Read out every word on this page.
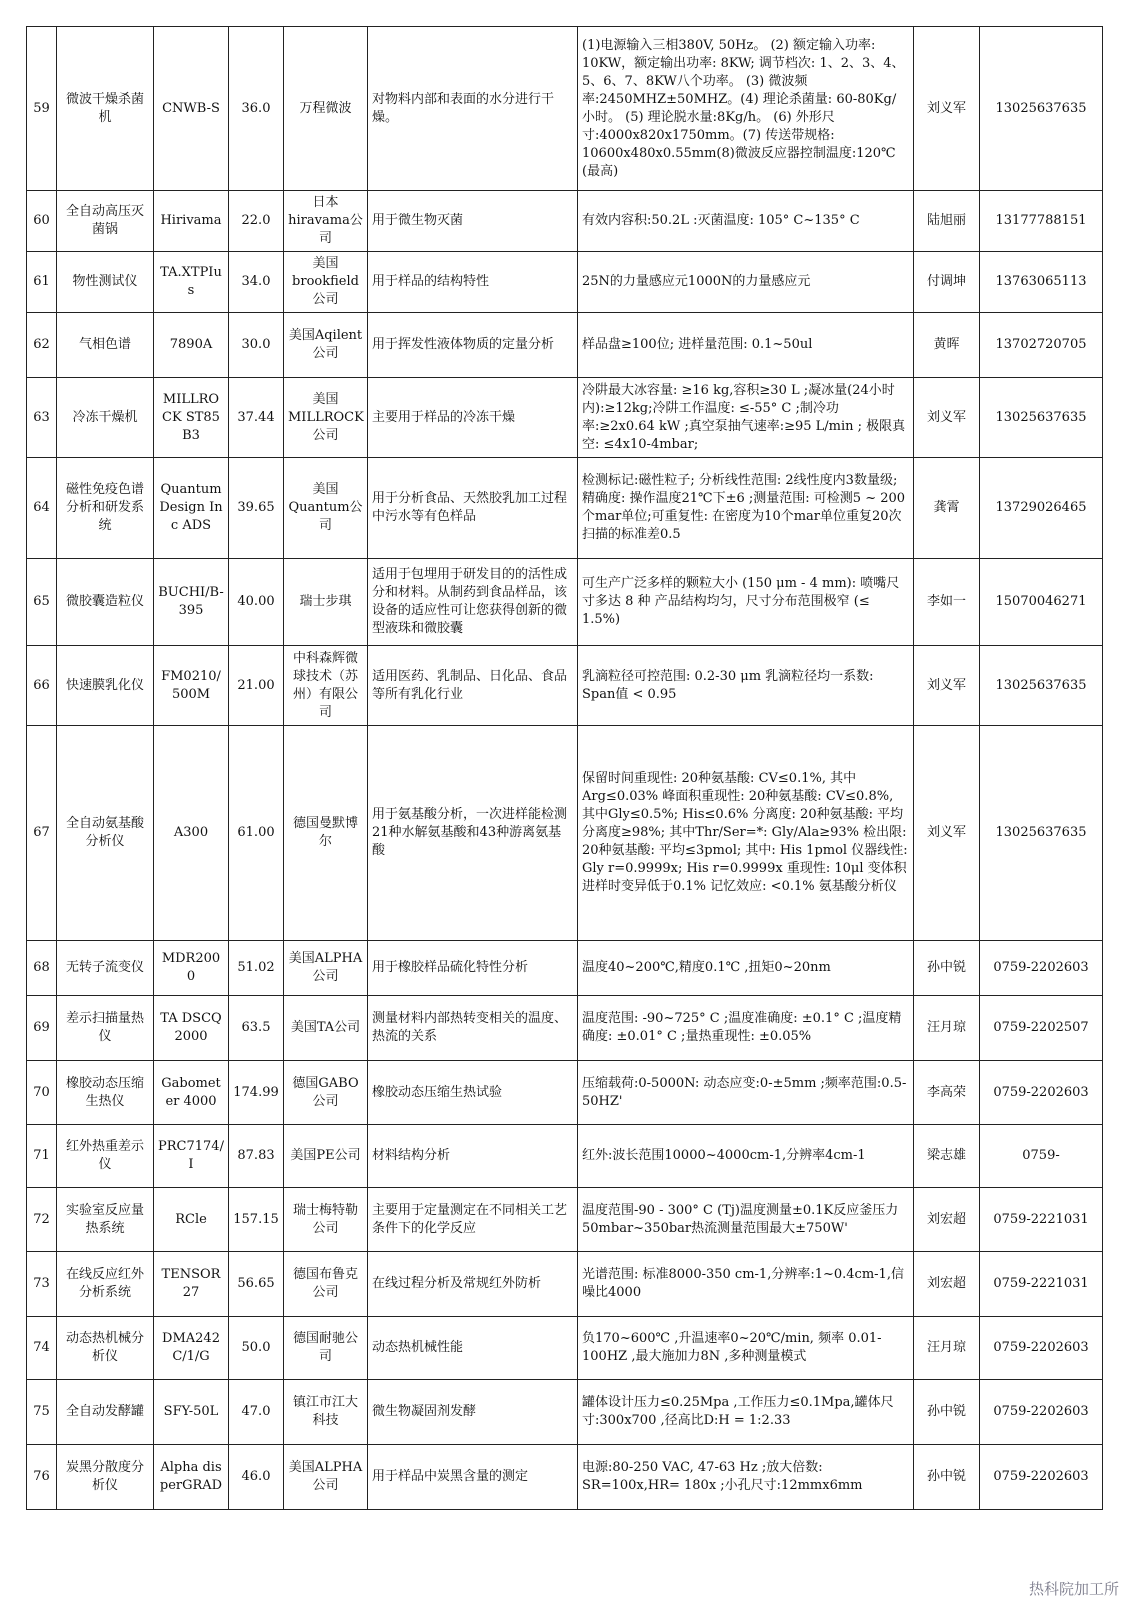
59	微波干燥杀菌机	CNWB-S	36.0	万程微波	对物料内部和表面的水分进行干燥。	(1)电源输入三相380V, 50Hz。 (2) 额定输入功率: 10KW，额定输出功率: 8KW; 调节档次: 1、2、3、4、5、6、7、8KW八个功率。 (3) 微波频率:2450MHZ±50MHZ。(4) 理论杀菌量: 60-80Kg/小时。 (5) 理论脱水量:8Kg/h。 (6) 外形尺寸:4000x820x1750mm。(7) 传送带规格: 10600x480x0.55mm(8)微波反应器控制温度:120℃(最高)	刘义军	13025637635
60	全自动高压灭菌锅	Hirivama	22.0	日本hiravama公司	用于微生物灭菌	有效内容积:50.2L :灭菌温度: 105° C~135° C	陆旭丽	13177788151
61	物性测试仪	TA.XTPIus	34.0	美国brookfield公司	用于样品的结构特性	25N的力量感应元1000N的力量感应元	付调坤	13763065113
62	气相色谱	7890A	30.0	美国Aqilent公司	用于挥发性液体物质的定量分析	样品盘≥100位; 进样量范围: 0.1~50ul	黄晖	13702720705
63	冷冻干燥机	MILLROCK ST85B3	37.44	美国MILLROCK公司	主要用于样品的冷冻干燥	冷阱最大冰容量: ≥16 kg,容积≥30 L ;凝冰量(24小时内):≥12kg;冷阱工作温度: ≤-55° C ;制冷功率:≥2x0.64 kW ;真空泵抽气速率:≥95 L/min ; 极限真空: ≤4x10-4mbar;	刘义军	13025637635
64	磁性免疫色谱分析和研发系统	Quantum Design Inc ADS	39.65	美国Quantum公司	用于分析食品、天然胶乳加工过程中污水等有色样品	检测标记:磁性粒子; 分析线性范围: 2线性度内3数量级; 精确度: 操作温度21℃下±6 ;测量范围: 可检测5 ~ 200个mar单位;可重复性: 在密度为10个mar单位重复20次扫描的标准差0.5	龚霄	13729026465
65	微胶囊造粒仪	BUCHI/B-395	40.00	瑞士步琪	适用于包埋用于研发目的的活性成分和材料。从制药到食品样品，该设备的适应性可让您获得创新的微型液珠和微胶囊	可生产广泛多样的颗粒大小 (150 μm - 4 mm): 喷嘴尺寸多达 8 种 产品结构均匀，尺寸分布范围极窄 (≤ 1.5%)	李如一	15070046271
66	快速膜乳化仪	FM0210/500M	21.00	中科森辉微球技术（苏州）有限公司	适用医药、乳制品、日化品、食品等所有乳化行业	乳滴粒径可控范围: 0.2-30 μm 乳滴粒径均一系数: Span值 < 0.95	刘义军	13025637635
67	全自动氨基酸分析仪	A300	61.00	德国曼默博尔	用于氨基酸分析，一次进样能检测21种水解氨基酸和43种游离氨基酸	保留时间重现性: 20种氨基酸: CV≤0.1%, 其中Arg≤0.03% 峰面积重现性: 20种氨基酸: CV≤0.8%, 其中Gly≤0.5%; His≤0.6% 分离度: 20种氨基酸: 平均分离度≥98%; 其中Thr/Ser=*: Gly/Ala≥93% 检出限: 20种氨基酸: 平均≤3pmol; 其中: His 1pmol 仪器线性: Gly r=0.9999x; His r=0.9999x 重现性: 10μl 变体积进样时变异低于0.1% 记忆效应: <0.1% 氨基酸分析仪	刘义军	13025637635
68	无转子流变仪	MDR2000	51.02	美国ALPHA公司	用于橡胶样品硫化特性分析	温度40~200℃,精度0.1℃ ,扭矩0~20nm	孙中锐	0759-2202603
69	差示扫描量热仪	TA DSCQ2000	63.5	美国TA公司	测量材料内部热转变相关的温度、热流的关系	温度范围: -90~725° C ;温度准确度: ±0.1° C ;温度精确度: ±0.01° C ;量热重现性: ±0.05%	汪月琼	0759-2202507
70	橡胶动态压缩生热仪	Gabometer 4000	174.99	德国GABO公司	橡胶动态压缩生热试验	压缩载荷:0-5000N: 动态应变:0-±5mm ;频率范围:0.5-50HZ'	李高荣	0759-2202603
71	红外热重差示仪	PRC7174/I	87.83	美国PE公司	材料结构分析	红外:波长范围10000~4000cm-1,分辨率4cm-1	梁志雄	0759-
72	实验室反应量热系统	RCle	157.15	瑞士梅特勒公司	主要用于定量测定在不同相关工艺条件下的化学反应	温度范围-90 - 300° C (Tj)温度测量±0.1K反应釜压力50mbar~350bar热流测量范围最大±750W'	刘宏超	0759-2221031
73	在线反应红外分析系统	TENSOR 27	56.65	德国布鲁克公司	在线过程分析及常规红外防析	光谱范围: 标准8000-350 cm-1,分辨率:1~0.4cm-1,信噪比4000	刘宏超	0759-2221031
74	动态热机械分析仪	DMA242C/1/G	50.0	德国耐驰公司	动态热机械性能	负170~600℃ ,升温速率0~20℃/min, 频率 0.01-100HZ ,最大施加力8N ,多种测量模式	汪月琼	0759-2202603
75	全自动发酵罐	SFY-50L	47.0	镇江市江大科技	微生物凝固剂发酵	罐体设计压力≤0.25Mpa ,工作压力≤0.1Mpa,罐体尺寸:300x700 ,径高比D:H = 1:2.33	孙中锐	0759-2202603
76	炭黑分散度分析仪	Alpha disperGRAD	46.0	美国ALPHA公司	用于样品中炭黑含量的测定	电源:80-250 VAC, 47-63 Hz ;放大倍数: SR=100x,HR= 180x ;小孔尺寸:12mmx6mm	孙中锐	0759-2202603
热科院加工所
